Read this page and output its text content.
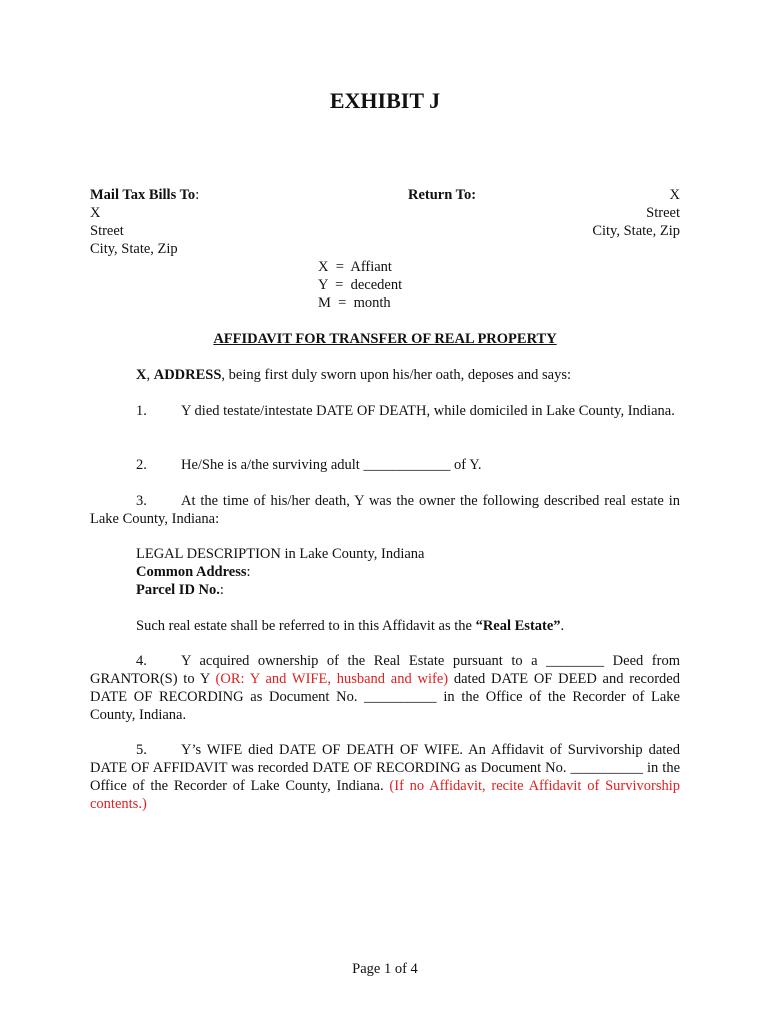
EXHIBIT J
Mail Tax Bills To:
X
Street
City, State, Zip
Return To:	X
Street
City, State, Zip
X  =  Affiant
Y  =  decedent
M  =  month
AFFIDAVIT FOR TRANSFER OF REAL PROPERTY
X, ADDRESS, being first duly sworn upon his/her oath, deposes and says:
1. Y died testate/intestate DATE OF DEATH, while domiciled in Lake County, Indiana.
2. He/She is a/the surviving adult ____________ of Y.
3. At the time of his/her death, Y was the owner the following described real estate in Lake County, Indiana:
LEGAL DESCRIPTION in Lake County, Indiana
Common Address:
Parcel ID No.:
Such real estate shall be referred to in this Affidavit as the “Real Estate”.
4. Y acquired ownership of the Real Estate pursuant to a ________ Deed from GRANTOR(S) to Y (OR: Y and WIFE, husband and wife) dated DATE OF DEED and recorded DATE OF RECORDING as Document No. __________ in the Office of the Recorder of Lake County, Indiana.
5. Y’s WIFE died DATE OF DEATH OF WIFE. An Affidavit of Survivorship dated DATE OF AFFIDAVIT was recorded DATE OF RECORDING as Document No. __________ in the Office of the Recorder of Lake County, Indiana. (If no Affidavit, recite Affidavit of Survivorship contents.)
Page 1 of 4
